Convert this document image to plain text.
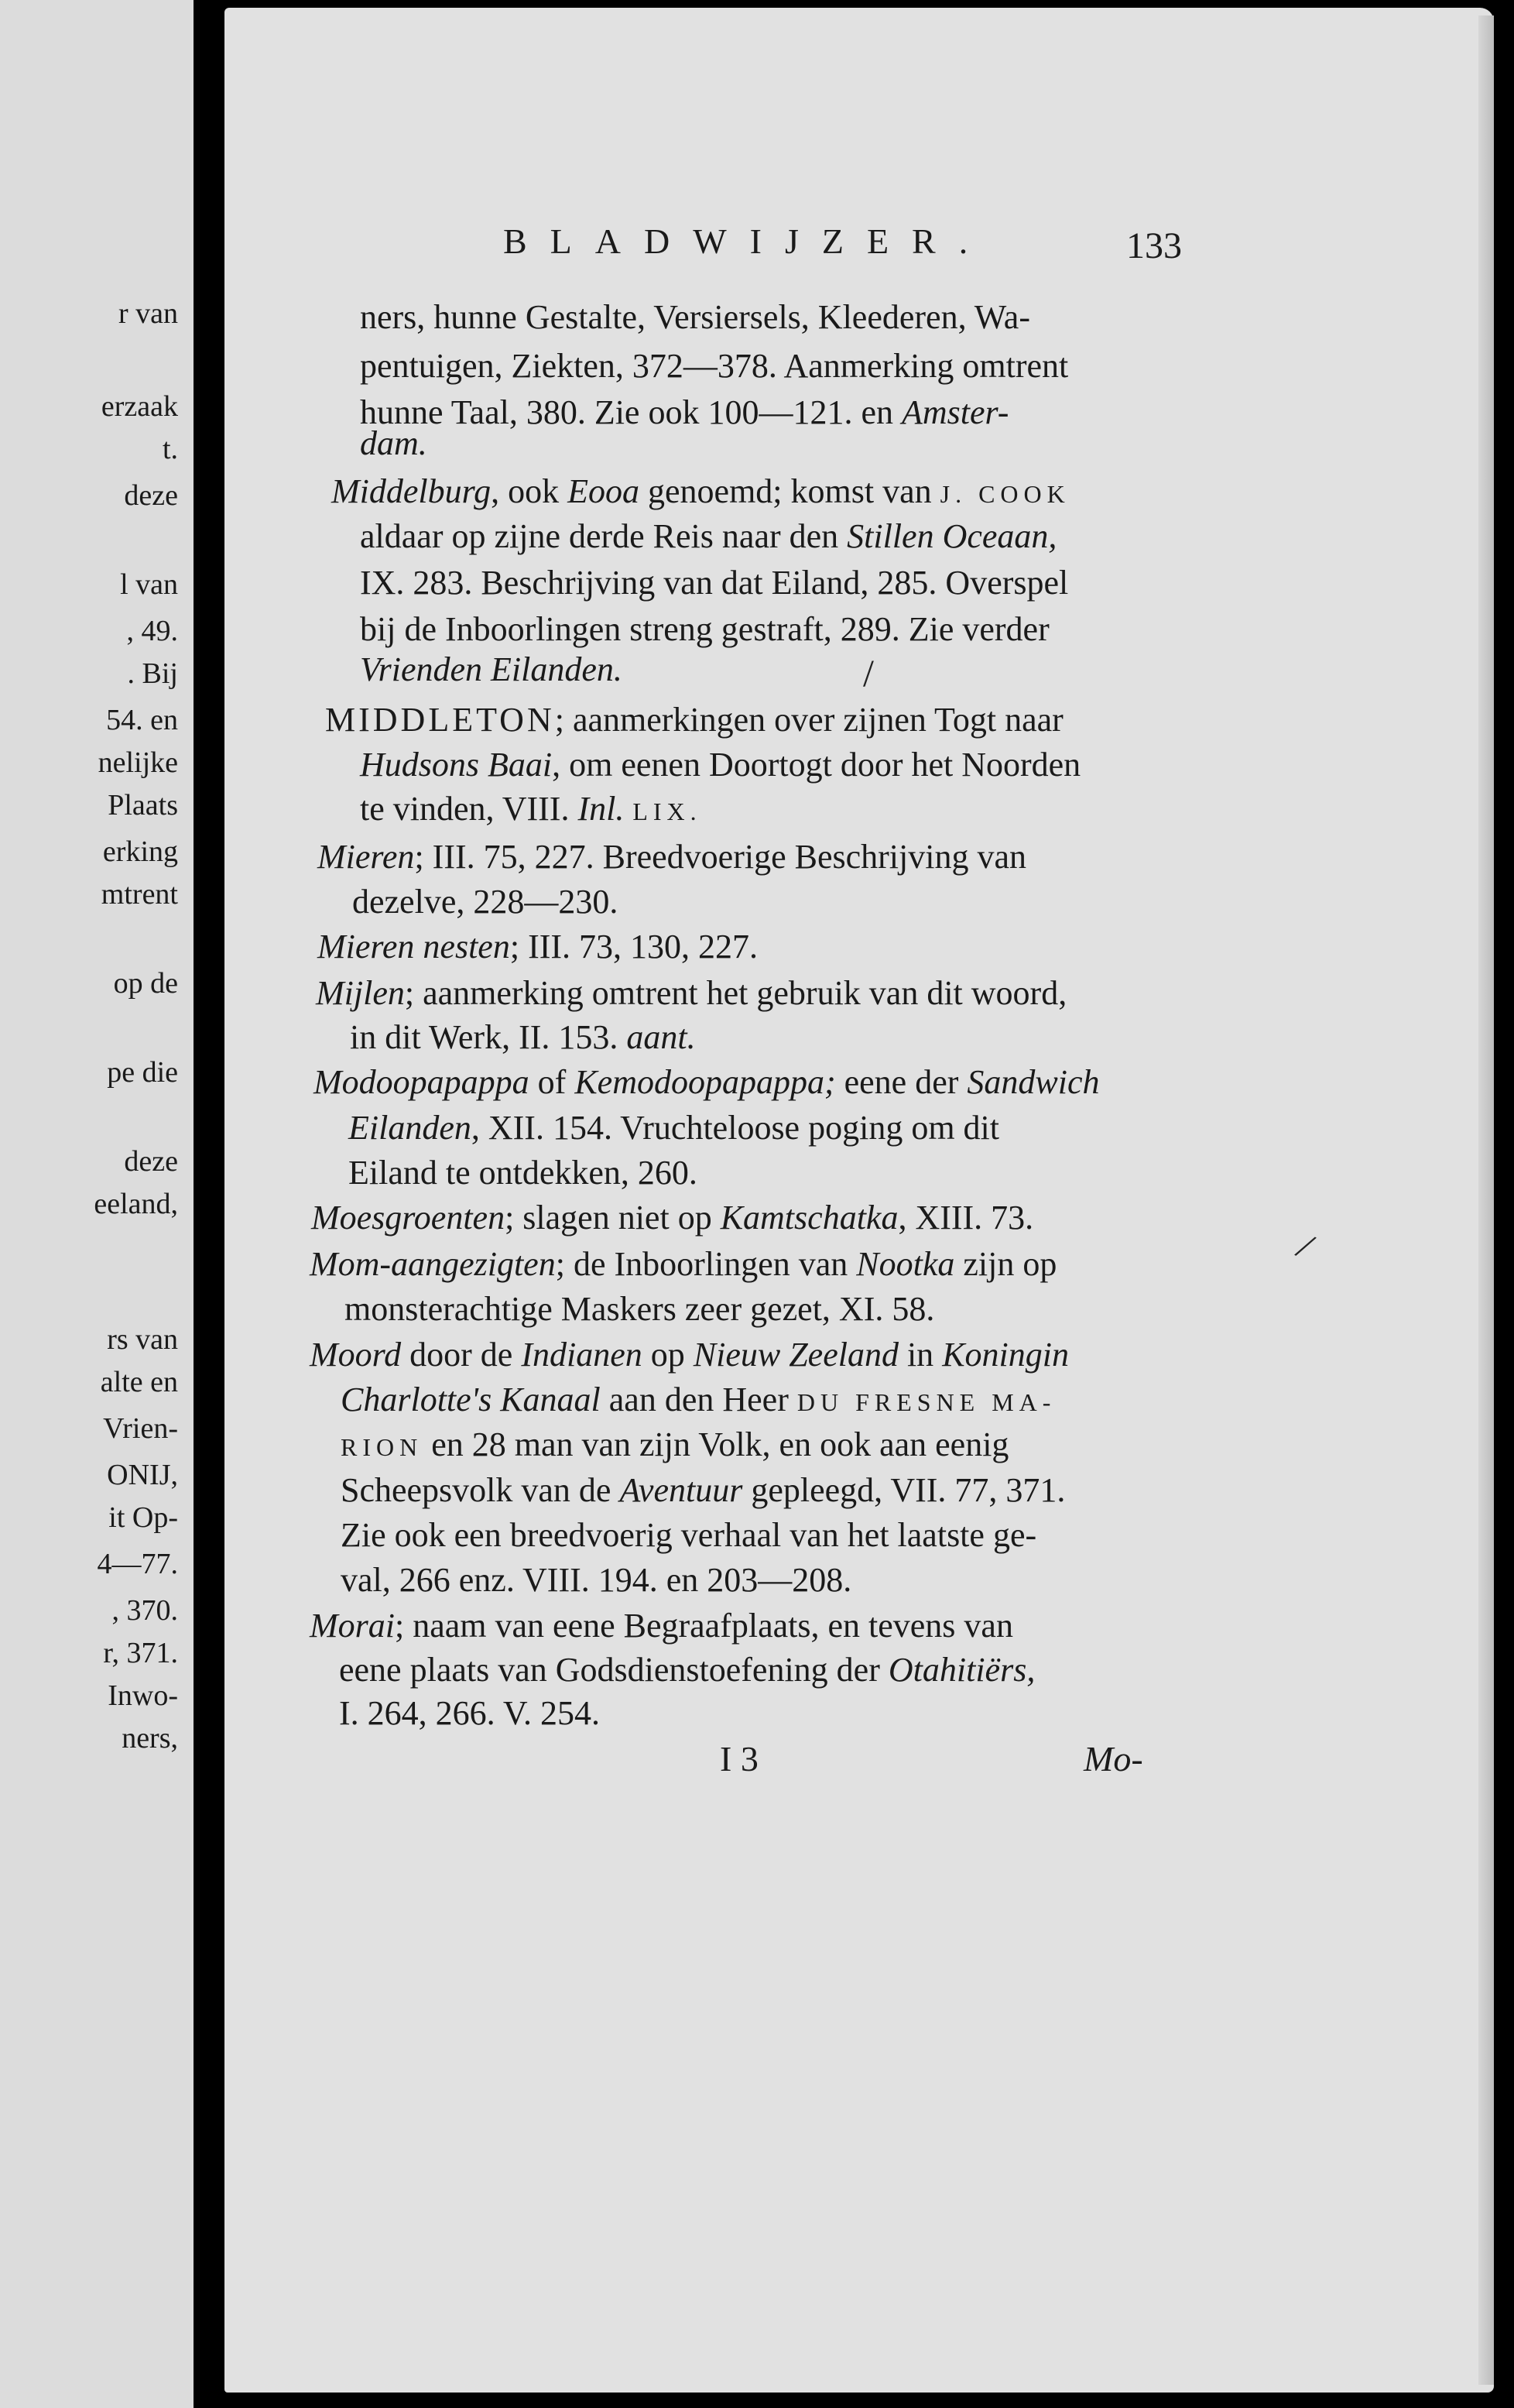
r van
erzaak
t.
deze
l van
, 49.
. Bij
54. en
nelijke
Plaats
erking
mtrent
op de
pe die
deze
eeland,
rs van
alte en
Vrien-
ONIJ,
it Op-
4—77.
, 370.
r, 371.
Inwo-
ners,
BLADWIJZER.	133
ners, hunne Gestalte, Versiersels, Kleederen, Wa-
pentuigen, Ziekten, 372—378. Aanmerking omtrent
hunne Taal, 380. Zie ook 100—121. en Amster-
dam.
Middelburg, ook Eooa genoemd; komst van J. COOK
aldaar op zijne derde Reis naar den Stillen Oceaan,
IX. 283. Beschrijving van dat Eiland, 285. Overspel
bij de Inboorlingen streng gestraft, 289. Zie verder
Vrienden Eilanden.
MIDDLETON; aanmerkingen over zijnen Togt naar
Hudsons Baai, om eenen Doortogt door het Noorden
te vinden, VIII. Inl. LIX.
Mieren; III. 75, 227. Breedvoerige Beschrijving van
dezelve, 228—230.
Mieren nesten; III. 73, 130, 227.
Mijlen; aanmerking omtrent het gebruik van dit woord,
in dit Werk, II. 153. aant.
Modoopapappa of Kemodoopapappa; eene der Sandwich
Eilanden, XII. 154. Vruchteloose poging om dit
Eiland te ontdekken, 260.
Moesgroenten; slagen niet op Kamtschatka, XIII. 73.
Mom-aangezigten; de Inboorlingen van Nootka zijn op
monsterachtige Maskers zeer gezet, XI. 58.
Moord door de Indianen op Nieuw Zeeland in Koningin
Charlotte's Kanaal aan den Heer DU FRESNE MA-
RION en 28 man van zijn Volk, en ook aan eenig
Scheepsvolk van de Aventuur gepleegd, VII. 77, 371.
Zie ook een breedvoerig verhaal van het laatste ge-
val, 266 enz. VIII. 194. en 203—208.
Morai; naam van eene Begraafplaats, en tevens van
eene plaats van Godsdienstoefening der Otahitiërs,
I. 264, 266. V. 254.
I 3	Mo-
/
/
